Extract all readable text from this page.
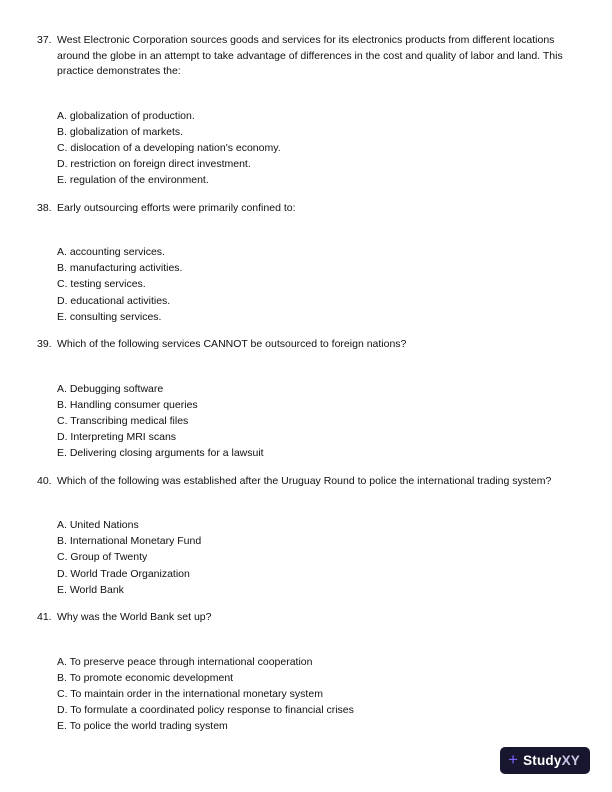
37. West Electronic Corporation sources goods and services for its electronics products from different locations around the globe in an attempt to take advantage of differences in the cost and quality of labor and land. This practice demonstrates the:
A. globalization of production.
B. globalization of markets.
C. dislocation of a developing nation's economy.
D. restriction on foreign direct investment.
E. regulation of the environment.
38. Early outsourcing efforts were primarily confined to:
A. accounting services.
B. manufacturing activities.
C. testing services.
D. educational activities.
E. consulting services.
39. Which of the following services CANNOT be outsourced to foreign nations?
A. Debugging software
B. Handling consumer queries
C. Transcribing medical files
D. Interpreting MRI scans
E. Delivering closing arguments for a lawsuit
40. Which of the following was established after the Uruguay Round to police the international trading system?
A. United Nations
B. International Monetary Fund
C. Group of Twenty
D. World Trade Organization
E. World Bank
41. Why was the World Bank set up?
A. To preserve peace through international cooperation
B. To promote economic development
C. To maintain order in the international monetary system
D. To formulate a coordinated policy response to financial crises
E. To police the world trading system
+ StudyXY
